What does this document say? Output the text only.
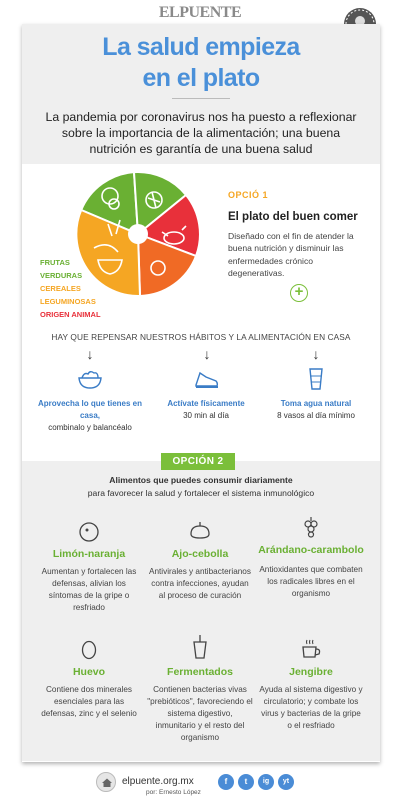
ELPUENTE
La salud empieza
en el plato
La pandemia por coronavirus nos ha puesto a reflexionar sobre la importancia de la alimentación; una buena nutrición es garantía de una buena salud
FRUTAS
VERDURAS
CEREALES
LEGUMINOSAS
ORIGEN ANIMAL
OPCIÓ 1
El plato del buen comer
Diseñado con el fin de atender la buena nutrición y disminuir las enfermedades crónico degenerativas.
+
HAY QUE REPENSAR NUESTROS HÁBITOS Y LA ALIMENTACIÓN EN CASA
↓	↓	↓
Aprovecha lo que tienes en casa,
combinalo y balancéalo
Actívate físicamente
30 min al día
Toma agua natural
8 vasos al día mínimo
OPCIÓN 2
Alimentos que puedes consumir diariamente
para favorecer la salud y fortalecer el sistema inmunológico
Limón-naranja
Aumentan y fortalecen las defensas, alivian los síntomas de la gripe o resfriado
Ajo-cebolla
Antivirales y antibacterianos contra infecciones, ayudan al proceso de curación
Arándano-carambolo
Antioxidantes que combaten los radicales libres en el organismo
Huevo
Contiene dos minerales esenciales para las defensas, zinc y el selenio
Fermentados
Contienen bacterias vivas "prebióticos", favoreciendo el sistema digestivo, inmunitario y el resto del organismo
Jengibre
Ayuda al sistema digestivo y circulatorio; y combate los virus y bacterias de la gripe o el resfriado
elpuente.org.mx
por: Ernesto López
f	t	ig	yt
